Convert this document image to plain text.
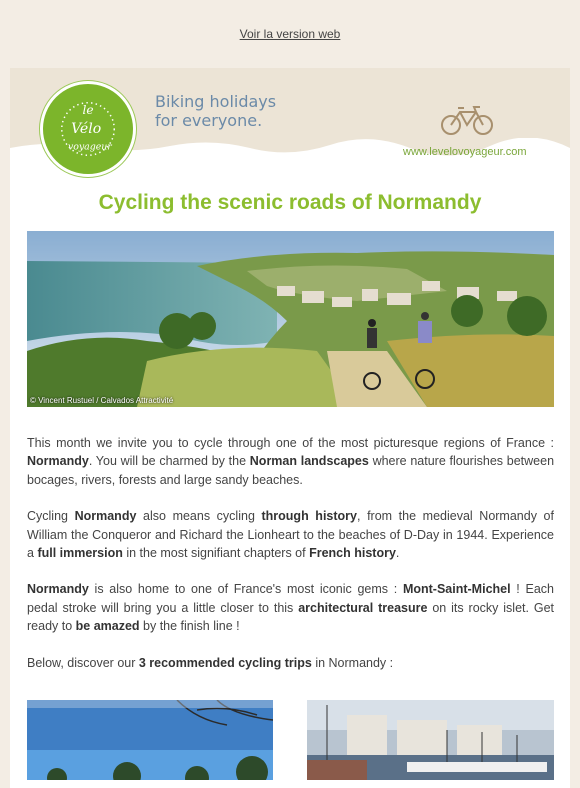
Voir la version web
le
Vélo
voyageur
Biking holidays
for everyone.
www.levelovoyageur.com
Cycling the scenic roads of Normandy
© Vincent Rustuel / Calvados Attractivité

This month we invite you to cycle through one of the most picturesque regions of France : Normandy. You will be charmed by the Norman landscapes where nature flourishes between bocages, rivers, forests and large sandy beaches.

Cycling Normandy also means cycling through history, from the medieval Normandy of William the Conqueror and Richard the Lionheart to the beaches of D-Day in 1944. Experience a full immersion in the most signifiant chapters of French history.

Normandy is also home to one of France's most iconic gems : Mont-Saint-Michel ! Each pedal stroke will bring you a little closer to this architectural treasure on its rocky islet. Get ready to be amazed by the finish line !

Below, discover our 3 recommended cycling trips in Normandy :
